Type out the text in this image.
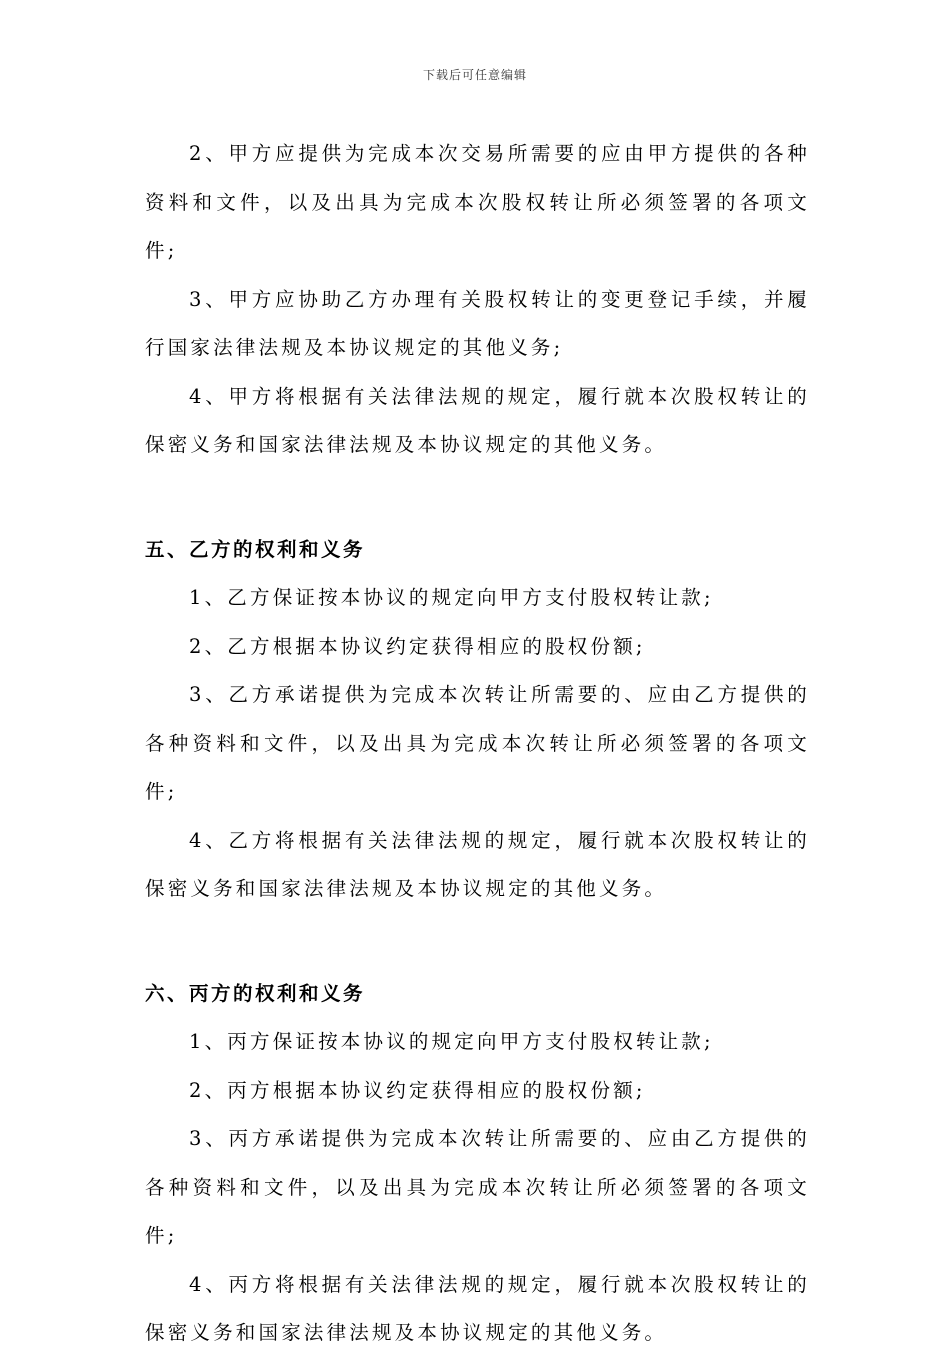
下载后可任意编辑

2、甲方应提供为完成本次交易所需要的应由甲方提供的各种资料和文件，以及出具为完成本次股权转让所必须签署的各项文件;

3、甲方应协助乙方办理有关股权转让的变更登记手续，并履行国家法律法规及本协议规定的其他义务;

4、甲方将根据有关法律法规的规定，履行就本次股权转让的保密义务和国家法律法规及本协议规定的其他义务。

五、乙方的权利和义务

1、乙方保证按本协议的规定向甲方支付股权转让款;

2、乙方根据本协议约定获得相应的股权份额;

3、乙方承诺提供为完成本次转让所需要的、应由乙方提供的各种资料和文件，以及出具为完成本次转让所必须签署的各项文件;

4、乙方将根据有关法律法规的规定，履行就本次股权转让的保密义务和国家法律法规及本协议规定的其他义务。

六、丙方的权利和义务

1、丙方保证按本协议的规定向甲方支付股权转让款;

2、丙方根据本协议约定获得相应的股权份额;

3、丙方承诺提供为完成本次转让所需要的、应由乙方提供的各种资料和文件，以及出具为完成本次转让所必须签署的各项文件;

4、丙方将根据有关法律法规的规定，履行就本次股权转让的保密义务和国家法律法规及本协议规定的其他义务。
